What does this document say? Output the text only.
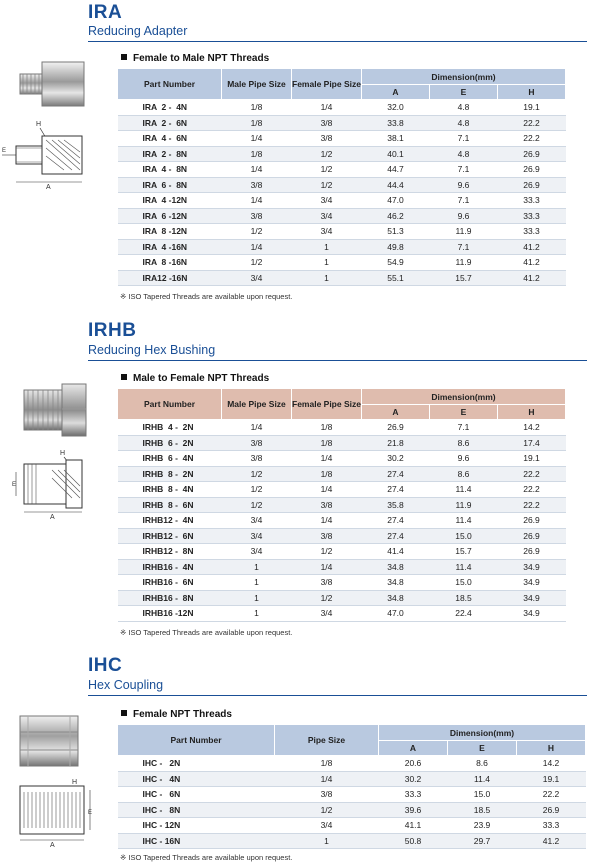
IRA
Reducing Adapter
H
E
A
Female to Male NPT Threads
Part Number	Male Pipe Size	Female Pipe Size	Dimension(mm)		
			A	E	H
IRA  2 -  4N	1/8	1/4	32.0	4.8	19.1
IRA  2 -  6N	1/8	3/8	33.8	4.8	22.2
IRA  4 -  6N	1/4	3/8	38.1	7.1	22.2
IRA  2 -  8N	1/8	1/2	40.1	4.8	26.9
IRA  4 -  8N	1/4	1/2	44.7	7.1	26.9
IRA  6 -  8N	3/8	1/2	44.4	9.6	26.9
IRA  4 -12N	1/4	3/4	47.0	7.1	33.3
IRA  6 -12N	3/8	3/4	46.2	9.6	33.3
IRA  8 -12N	1/2	3/4	51.3	11.9	33.3
IRA  4 -16N	1/4	1	49.8	7.1	41.2
IRA  8 -16N	1/2	1	54.9	11.9	41.2
IRA12 -16N	3/4	1	55.1	15.7	41.2
※ ISO Tapered Threads are available upon request.
IRHB
Reducing Hex Bushing
H
E
A
Male to Female NPT Threads
Part Number	Male Pipe Size	Female Pipe Size	Dimension(mm)		
			A	E	H
IRHB  4 -  2N	1/4	1/8	26.9	7.1	14.2
IRHB  6 -  2N	3/8	1/8	21.8	8.6	17.4
IRHB  6 -  4N	3/8	1/4	30.2	9.6	19.1
IRHB  8 -  2N	1/2	1/8	27.4	8.6	22.2
IRHB  8 -  4N	1/2	1/4	27.4	11.4	22.2
IRHB  8 -  6N	1/2	3/8	35.8	11.9	22.2
IRHB12 -  4N	3/4	1/4	27.4	11.4	26.9
IRHB12 -  6N	3/4	3/8	27.4	15.0	26.9
IRHB12 -  8N	3/4	1/2	41.4	15.7	26.9
IRHB16 -  4N	1	1/4	34.8	11.4	34.9
IRHB16 -  6N	1	3/8	34.8	15.0	34.9
IRHB16 -  8N	1	1/2	34.8	18.5	34.9
IRHB16 -12N	1	3/4	47.0	22.4	34.9
※ ISO Tapered Threads are available upon request.
IHC
Hex Coupling
H
E
A
Female NPT Threads
Part Number	Pipe Size	Dimension(mm)		
		A	E	H
IHC -   2N	1/8	20.6	8.6	14.2
IHC -   4N	1/4	30.2	11.4	19.1
IHC -   6N	3/8	33.3	15.0	22.2
IHC -   8N	1/2	39.6	18.5	26.9
IHC - 12N	3/4	41.1	23.9	33.3
IHC - 16N	1	50.8	29.7	41.2
※ ISO Tapered Threads are available upon request.
